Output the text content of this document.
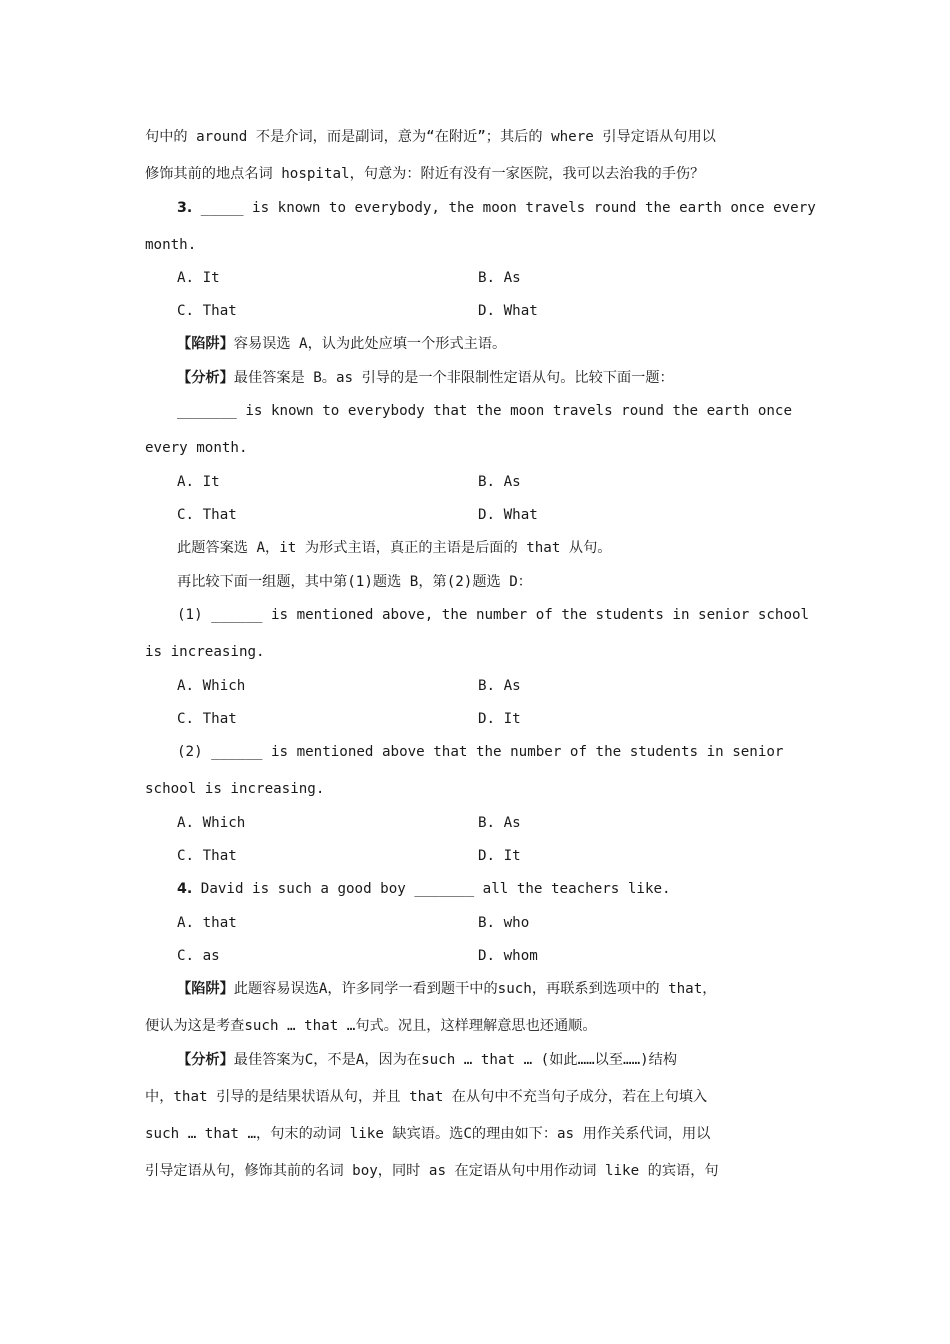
句中的 around 不是介词，而是副词，意为“在附近”；其后的 where 引导定语从句用以
修饰其前的地点名词 hospital，句意为：附近有没有一家医院，我可以去治我的手伤？
3. _____ is known to everybody, the moon travels round the earth once every
month.
A. It	B. As
C. That	D. What
【陷阱】容易误选 A，认为此处应填一个形式主语。
【分析】最佳答案是 B。as 引导的是一个非限制性定语从句。比较下面一题：
_______ is known to everybody that the moon travels round the earth once
every month.
A. It	B. As
C. That	D. What
此题答案选 A，it 为形式主语，真正的主语是后面的 that 从句。
再比较下面一组题，其中第(1)题选 B，第(2)题选 D：
(1) ______ is mentioned above, the number of the students in senior school
is increasing.
A. Which	B. As
C. That	D. It
(2) ______ is mentioned above that the number of the students in senior
school is increasing.
A. Which	B. As
C. That	D. It
4. David is such a good boy _______ all the teachers like.
A. that	B. who
C. as	D. whom
【陷阱】此题容易误选A，许多同学一看到题干中的such，再联系到选项中的 that，
便认为这是考查such … that …句式。况且，这样理解意思也还通顺。
【分析】最佳答案为C，不是A，因为在such … that … (如此……以至……)结构
中，that 引导的是结果状语从句，并且 that 在从句中不充当句子成分，若在上句填入
such … that …，句末的动词 like 缺宾语。选C的理由如下：as 用作关系代词，用以
引导定语从句，修饰其前的名词 boy，同时 as 在定语从句中用作动词 like 的宾语，句
